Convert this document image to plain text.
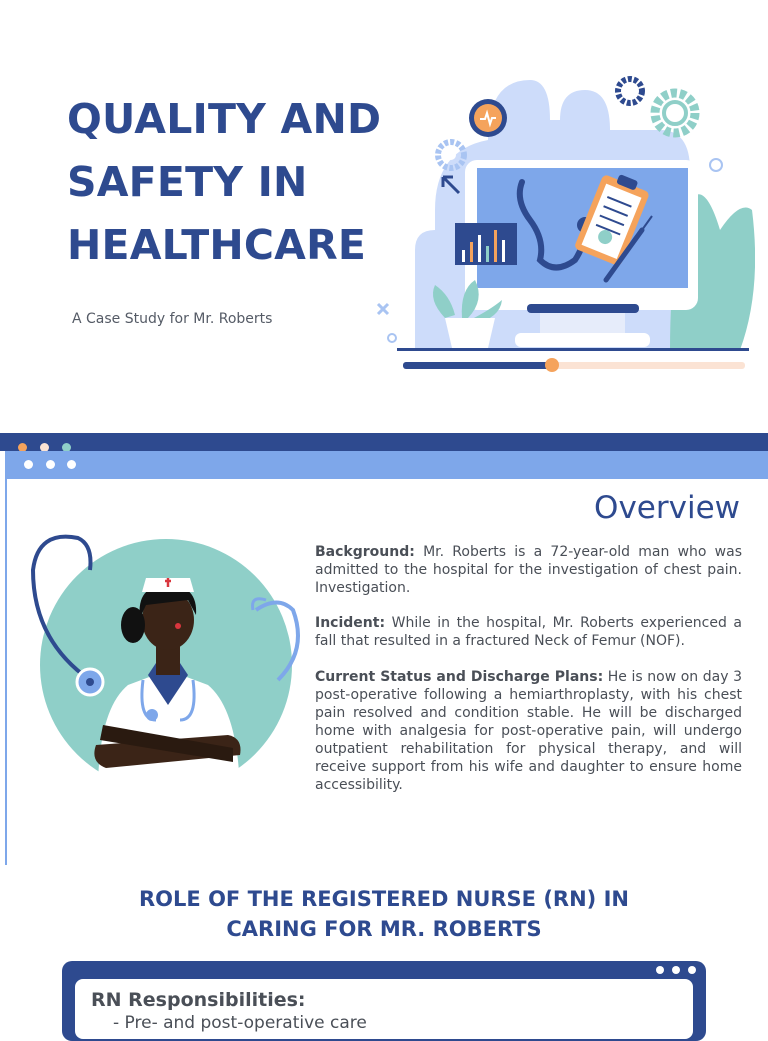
QUALITY AND
SAFETY IN
HEALTHCARE
A Case Study for Mr. Roberts
Overview

Background: Mr. Roberts is a 72-year-old man who was admitted to the hospital for the investigation of chest pain. Investigation.

Incident: While in the hospital, Mr. Roberts experienced a fall that resulted in a fractured Neck of Femur (NOF).

Current Status and Discharge Plans: He is now on day 3 post-operative following a hemiarthroplasty, with his chest pain resolved and condition stable. He will be discharged home with analgesia for post-operative pain, will undergo outpatient rehabilitation for physical therapy, and will receive support from his wife and daughter to ensure home accessibility.

ROLE OF THE REGISTERED NURSE (RN) IN
CARING FOR MR. ROBERTS
RN Responsibilities:
- Pre- and post-operative care
